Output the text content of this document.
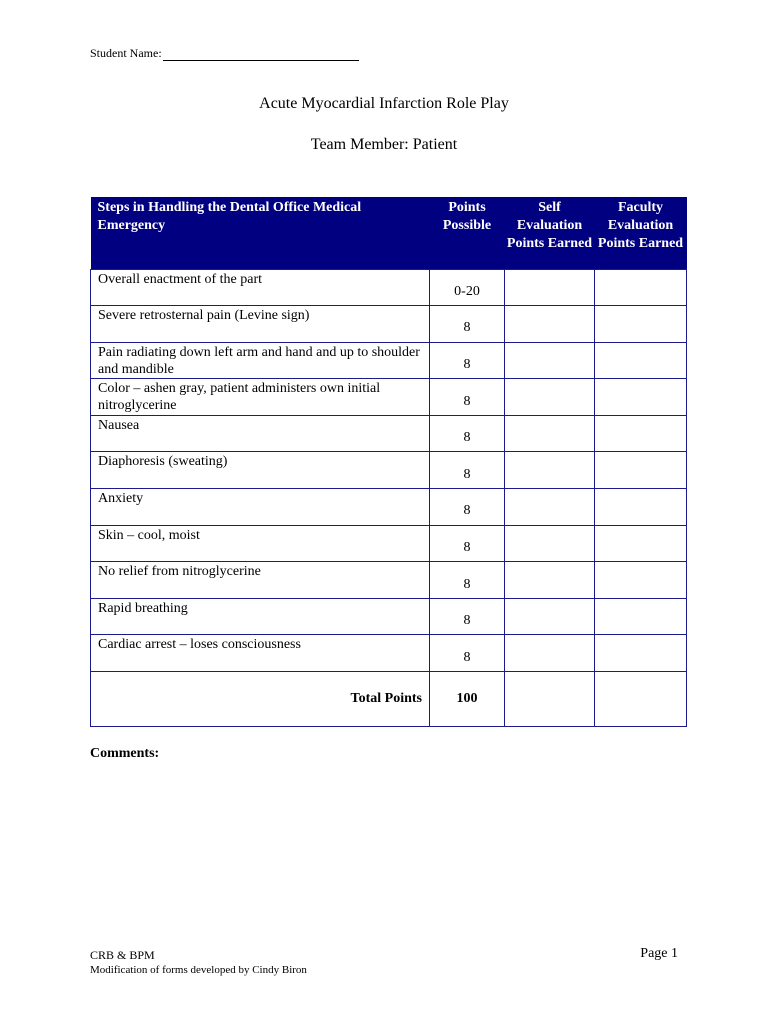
Student Name:
Acute Myocardial Infarction Role Play
Team Member: Patient
Steps in Handling the Dental Office Medical Emergency	Points Possible	Self Evaluation Points Earned	Faculty Evaluation Points Earned
Overall enactment of the part	0-20		
Severe retrosternal pain (Levine sign)	8		
Pain radiating down left arm and hand and up to shoulder and mandible	8		
Color – ashen gray, patient administers own initial nitroglycerine	8		
Nausea	8		
Diaphoresis (sweating)	8		
Anxiety	8		
Skin – cool, moist	8		
No relief from nitroglycerine	8		
Rapid breathing	8		
Cardiac arrest – loses consciousness	8		
Total Points	100		
Comments:
CRB & BPM
Modification of forms developed by Cindy Biron
Page 1
